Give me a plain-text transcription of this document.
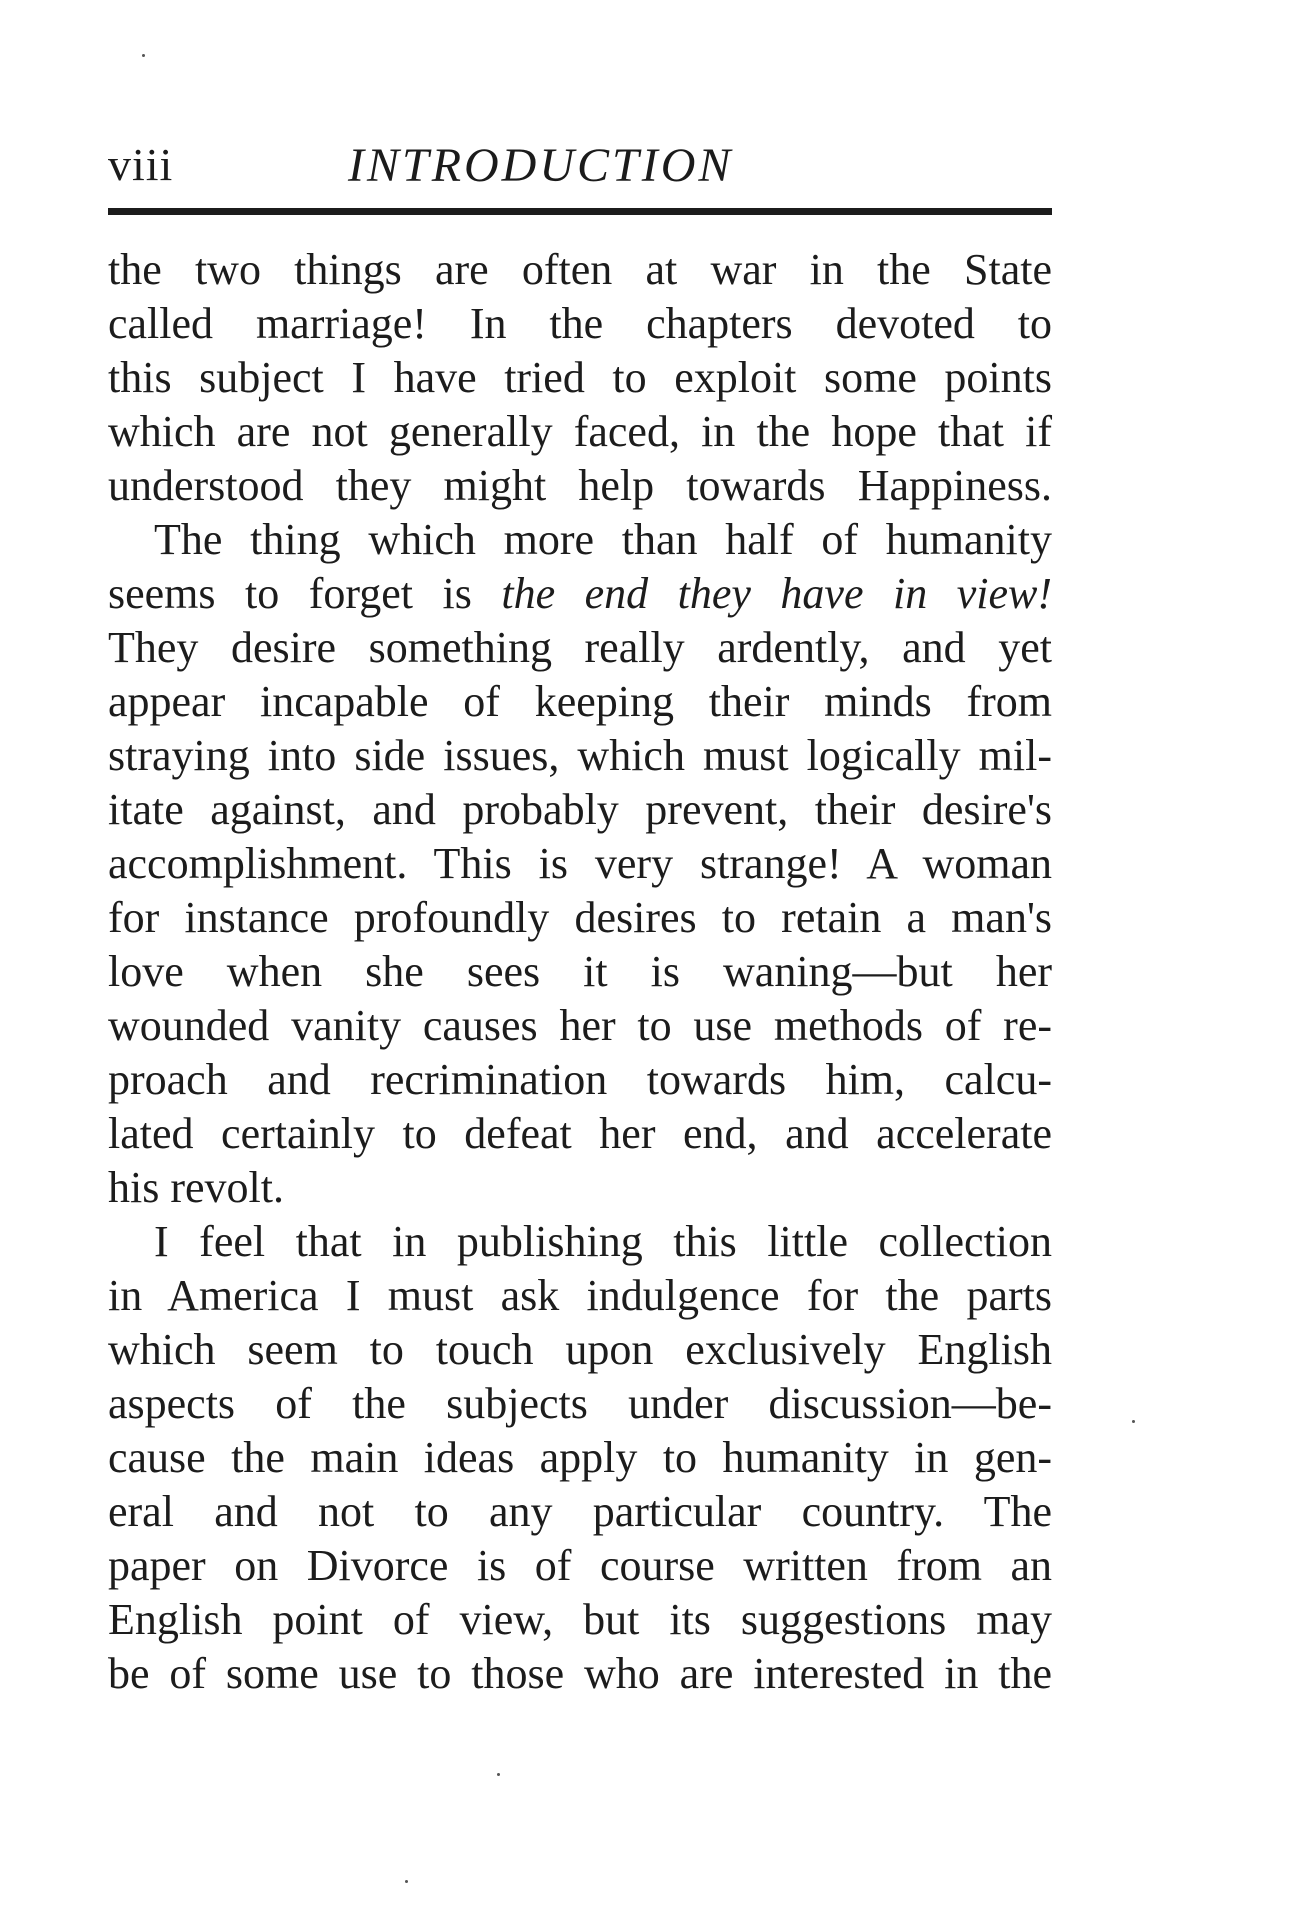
viii	INTRODUCTION
the two things are often at war in the State
called marriage! In the chapters devoted to
this subject I have tried to exploit some points
which are not generally faced, in the hope that if
understood they might help towards Happiness.
The thing which more than half of humanity
seems to forget is the end they have in view!
They desire something really ardently, and yet
appear incapable of keeping their minds from
straying into side issues, which must logically mil-
itate against, and probably prevent, their desire's
accomplishment. This is very strange! A woman
for instance profoundly desires to retain a man's
love when she sees it is waning—but her
wounded vanity causes her to use methods of re-
proach and recrimination towards him, calcu-
lated certainly to defeat her end, and accelerate
his revolt.
I feel that in publishing this little collection
in America I must ask indulgence for the parts
which seem to touch upon exclusively English
aspects of the subjects under discussion—be-
cause the main ideas apply to humanity in gen-
eral and not to any particular country. The
paper on Divorce is of course written from an
English point of view, but its suggestions may
be of some use to those who are interested in the
